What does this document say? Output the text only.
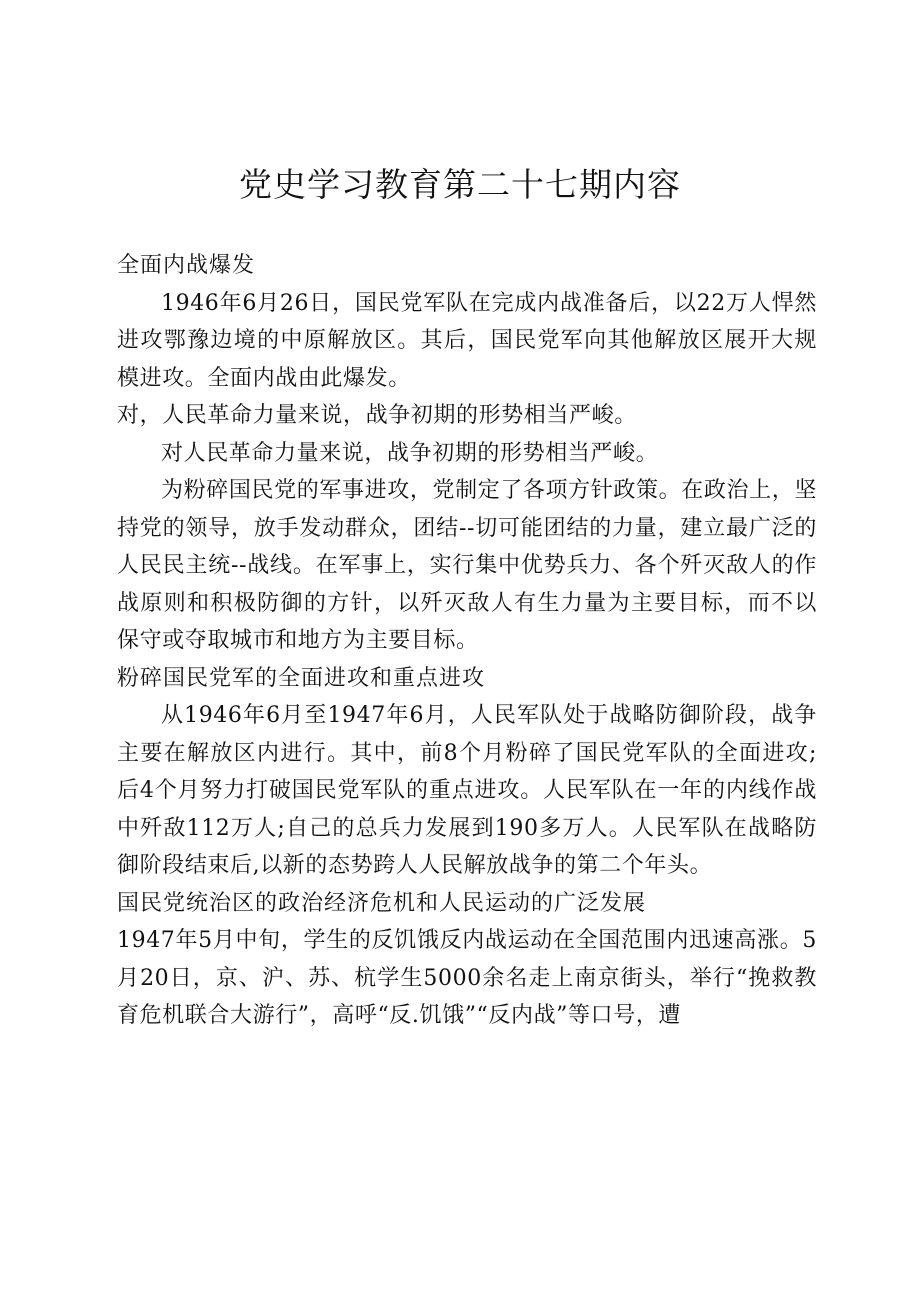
党史学习教育第二十七期内容

全面内战爆发

1946年6月26日，国民党军队在完成内战准备后，以22万人悍然进攻鄂豫边境的中原解放区。其后，国民党军向其他解放区展开大规模进攻。全面内战由此爆发。

对，人民革命力量来说，战争初期的形势相当严峻。

对人民革命力量来说，战争初期的形势相当严峻。

为粉碎国民党的军事进攻，党制定了各项方针政策。在政治上，坚持党的领导，放手发动群众，团结--切可能团结的力量，建立最广泛的人民民主统--战线。在军事上，实行集中优势兵力、各个歼灭敌人的作战原则和积极防御的方针，以歼灭敌人有生力量为主要目标，而不以保守或夺取城市和地方为主要目标。

粉碎国民党军的全面进攻和重点进攻

从1946年6月至1947年6月，人民军队处于战略防御阶段，战争主要在解放区内进行。其中，前8个月粉碎了国民党军队的全面进攻;后4个月努力打破国民党军队的重点进攻。人民军队在一年的内线作战中歼敌112万人;自己的总兵力发展到190多万人。人民军队在战略防御阶段结束后,以新的态势跨人人民解放战争的第二个年头。

国民党统治区的政治经济危机和人民运动的广泛发展

1947年5月中旬，学生的反饥饿反内战运动在全国范围内迅速高涨。5月20日，京、沪、苏、杭学生5000余名走上南京街头，举行“挽救教育危机联合大游行”，高呼“反.饥饿”“反内战”等口号，遭
